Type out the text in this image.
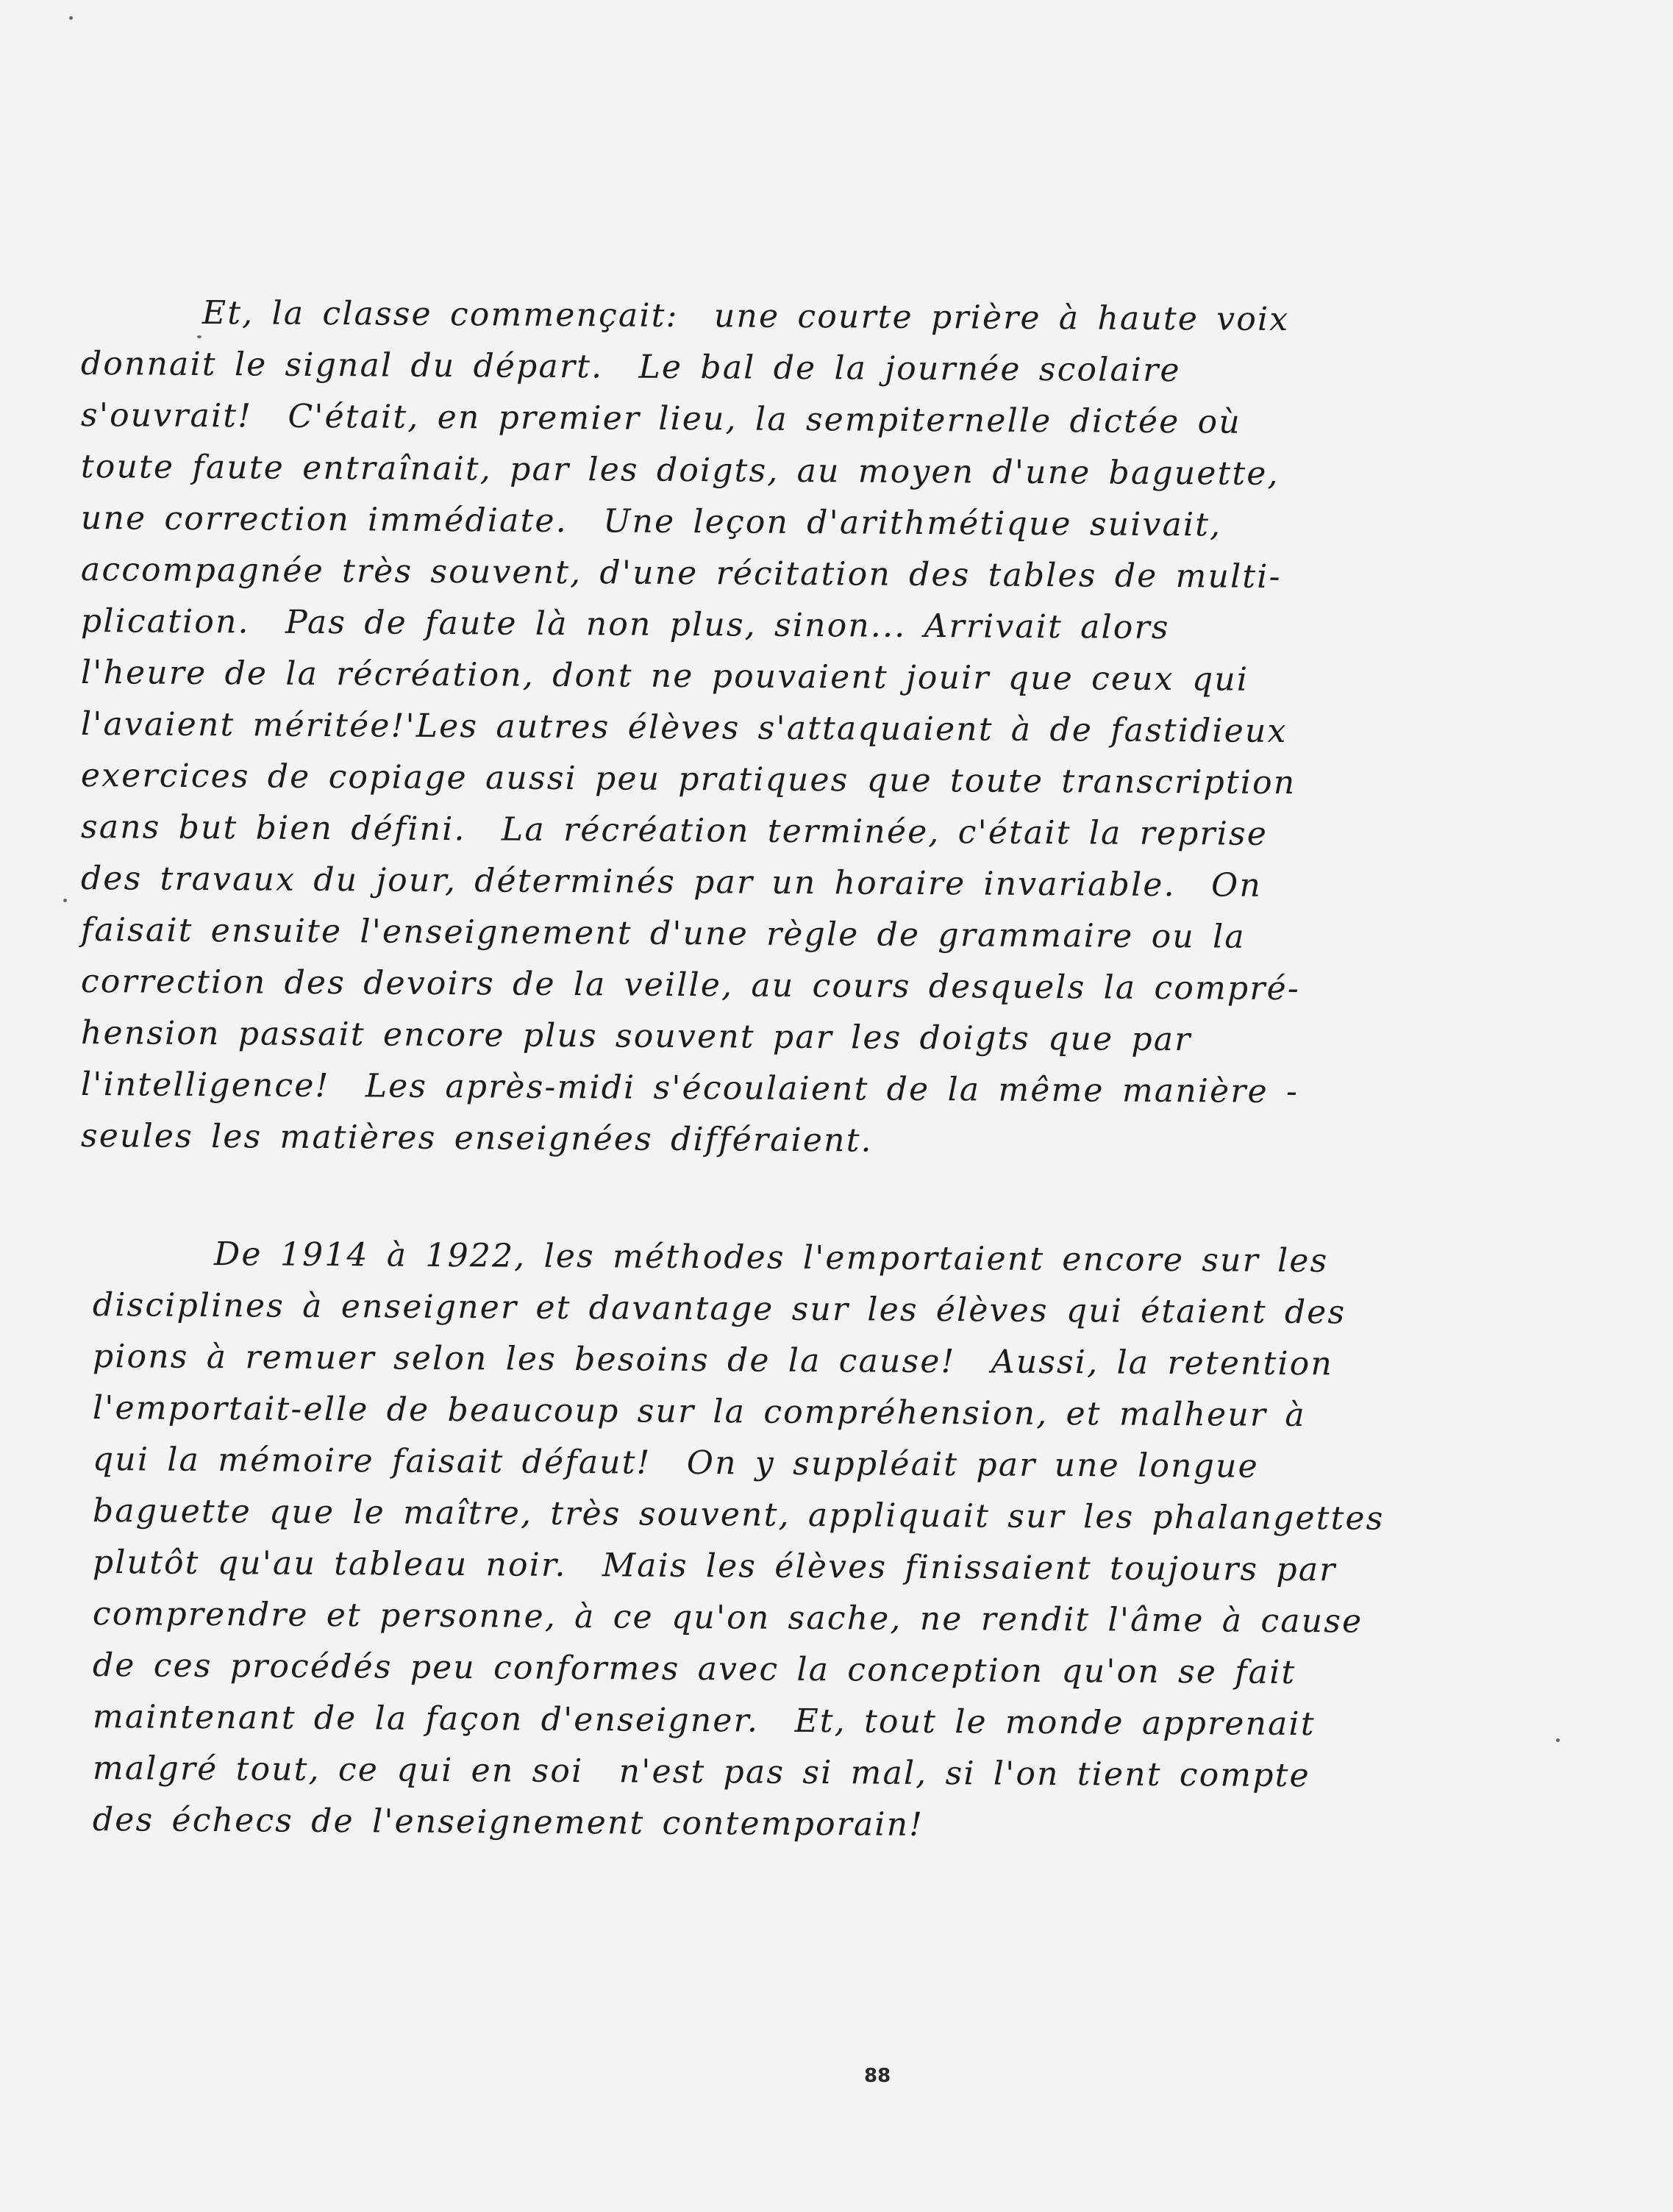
Et, la classe commençait:  une courte prière à haute voix
donnait le signal du départ.  Le bal de la journée scolaire
s'ouvrait!  C'était, en premier lieu, la sempiternelle dictée où
toute faute entraînait, par les doigts, au moyen d'une baguette,
une correction immédiate.  Une leçon d'arithmétique suivait,
accompagnée très souvent, d'une récitation des tables de multi-
plication.  Pas de faute là non plus, sinon... Arrivait alors
l'heure de la récréation, dont ne pouvaient jouir que ceux qui
l'avaient méritée!'Les autres élèves s'attaquaient à de fastidieux
exercices de copiage aussi peu pratiques que toute transcription
sans but bien défini.  La récréation terminée, c'était la reprise
des travaux du jour, déterminés par un horaire invariable.  On
faisait ensuite l'enseignement d'une règle de grammaire ou la
correction des devoirs de la veille, au cours desquels la compré-
hension passait encore plus souvent par les doigts que par
l'intelligence!  Les après-midi s'écoulaient de la même manière -
seules les matières enseignées différaient.
De 1914 à 1922, les méthodes l'emportaient encore sur les
disciplines à enseigner et davantage sur les élèves qui étaient des
pions à remuer selon les besoins de la cause!  Aussi, la retention
l'emportait-elle de beaucoup sur la compréhension, et malheur à
qui la mémoire faisait défaut!  On y suppléait par une longue
baguette que le maître, très souvent, appliquait sur les phalangettes
plutôt qu'au tableau noir.  Mais les élèves finissaient toujours par
comprendre et personne, à ce qu'on sache, ne rendit l'âme à cause
de ces procédés peu conformes avec la conception qu'on se fait
maintenant de la façon d'enseigner.  Et, tout le monde apprenait
malgré tout, ce qui en soi  n'est pas si mal, si l'on tient compte
des échecs de l'enseignement contemporain!
88
